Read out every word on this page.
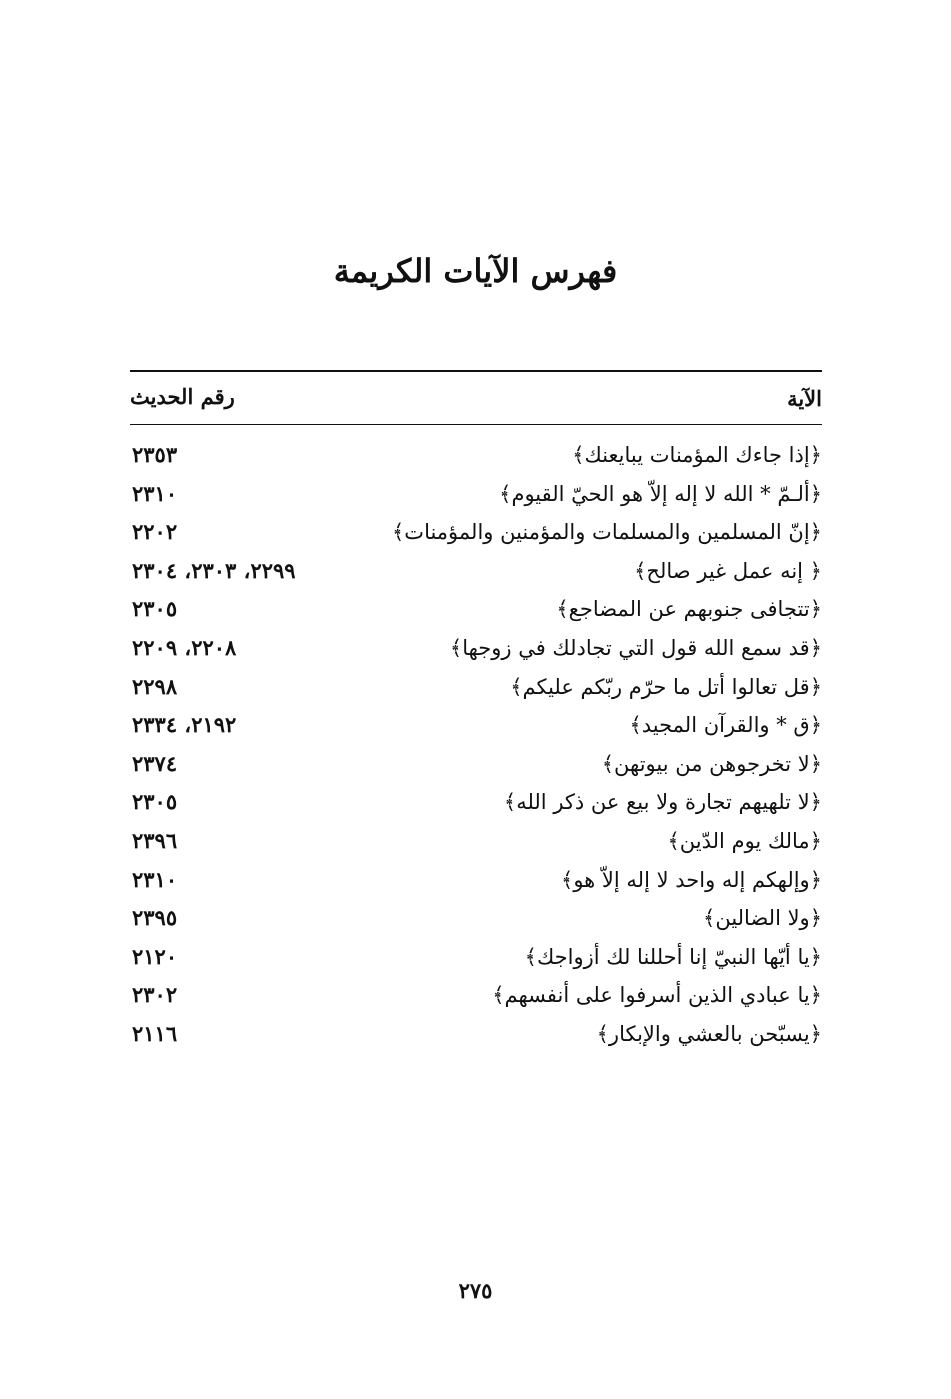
فهرس الآيات الكريمة
الآية
رقم الحديث
﴿إذا جاءك المؤمنات يبايعنك﴾
٢٣٥٣
﴿ألـمّ * الله لا إله إلاّ هو الحيّ القيوم﴾
٢٣١٠
﴿إنّ المسلمين والمسلمات والمؤمنين والمؤمنات﴾
٢٢٠٢
﴿ إنه عمل غير صالح﴾
٢٢٩٩، ٢٣٠٣، ٢٣٠٤
﴿تتجافى جنوبهم عن المضاجع﴾
٢٣٠٥
﴿قد سمع الله قول التي تجادلك في زوجها﴾
٢٢٠٨، ٢٢٠٩
﴿قل تعالوا أتل ما حرّم ربّكم عليكم﴾
٢٢٩٨
﴿ق * والقرآن المجيد﴾
٢١٩٢، ٢٣٣٤
﴿لا تخرجوهن من بيوتهن﴾
٢٣٧٤
﴿لا تلهيهم تجارة ولا بيع عن ذكر الله﴾
٢٣٠٥
﴿مالك يوم الدّين﴾
٢٣٩٦
﴿وإلهكم إله واحد لا إله إلاّ هو﴾
٢٣١٠
﴿ولا الضالين﴾
٢٣٩٥
﴿يا أيّها النبيّ إنا أحللنا لك أزواجك﴾
٢١٢٠
﴿يا عبادي الذين أسرفوا على أنفسهم﴾
٢٣٠٢
﴿يسبّحن بالعشي والإبكار﴾
٢١١٦
٢٧٥
